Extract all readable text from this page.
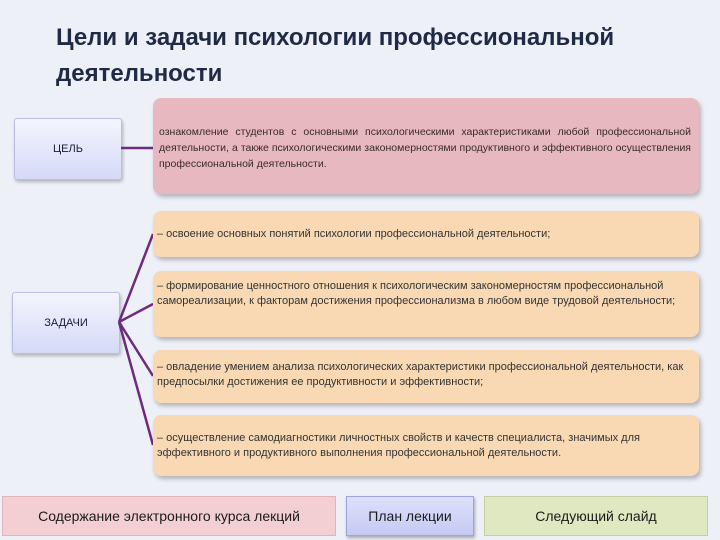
Цели и задачи психологии профессиональной деятельности
ЦЕЛЬ
ЗАДАЧИ
ознакомление студентов с основными психологическими характеристиками любой профессиональной деятельности, а также психологическими закономерностями продуктивного и эффективного осуществления профессиональной деятельности.
– освоение основных понятий психологии профессиональной деятельности;
– формирование ценностного отношения к психологическим закономерностям профессиональной самореализации, к факторам достижения профессионализма в любом виде трудовой деятельности;
– овладение умением анализа психологических характеристики профессиональной деятельности, как предпосылки достижения ее продуктивности и эффективности;
– осуществление самодиагностики личностных свойств и качеств специалиста, значимых для эффективного и продуктивного выполнения профессиональной деятельности.
Содержание электронного курса лекций	План лекции	Следующий слайд
